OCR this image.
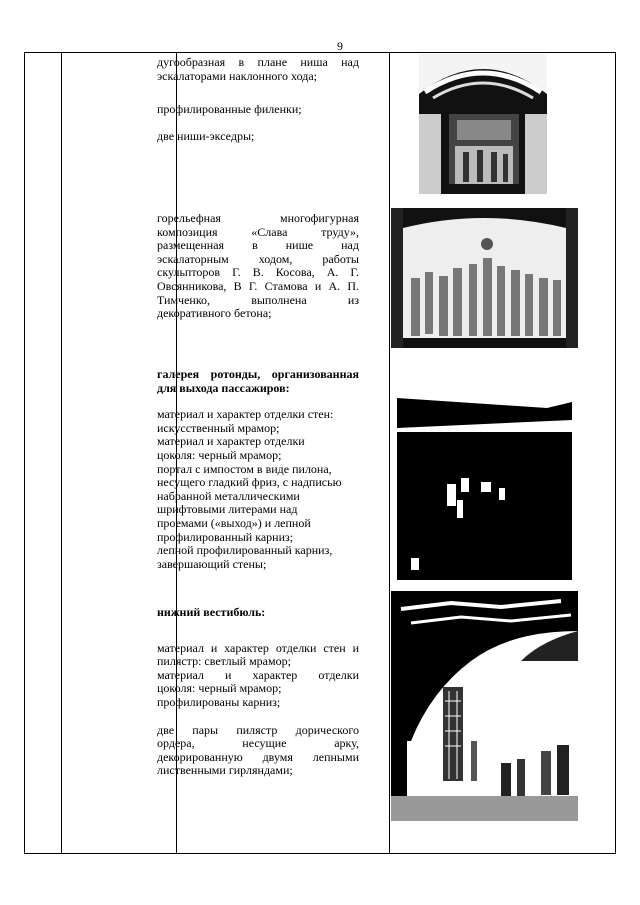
9

дугообразная в плане ниша над

эскалаторами наклонного хода;

профилированные филенки;
две ниши-экседры;

горельефная многофигурная

композиция «Слава труду»,

размещенная в нише над

эскалаторным ходом, работы

скульпторов Г. В. Косова, А. Г.

Овсянникова, В Г. Стамова и А. П.

Тимченко, выполнена из

декоративного бетона;

галерея ротонды, организованная

для выхода пассажиров:

материал и характер отделки стен:

искусственный мрамор;

материал и характер отделки

цоколя: черный мрамор;

портал с импостом в виде пилона,

несущего гладкий фриз, с надписью

набранной металлическими

шрифтовыми литерами над

проемами («выход») и лепной

профилированный карниз;

лепной профилированный карниз,

завершающий стены;

нижний вестибюль:

материал и характер отделки стен и

пилястр: светлый мрамор;

материал и характер отделки

цоколя: черный мрамор;

профилированы карниз;

две пары пилястр дорического

ордера, несущие арку,

декорированную двумя лепными

лиственными гирляндами;
